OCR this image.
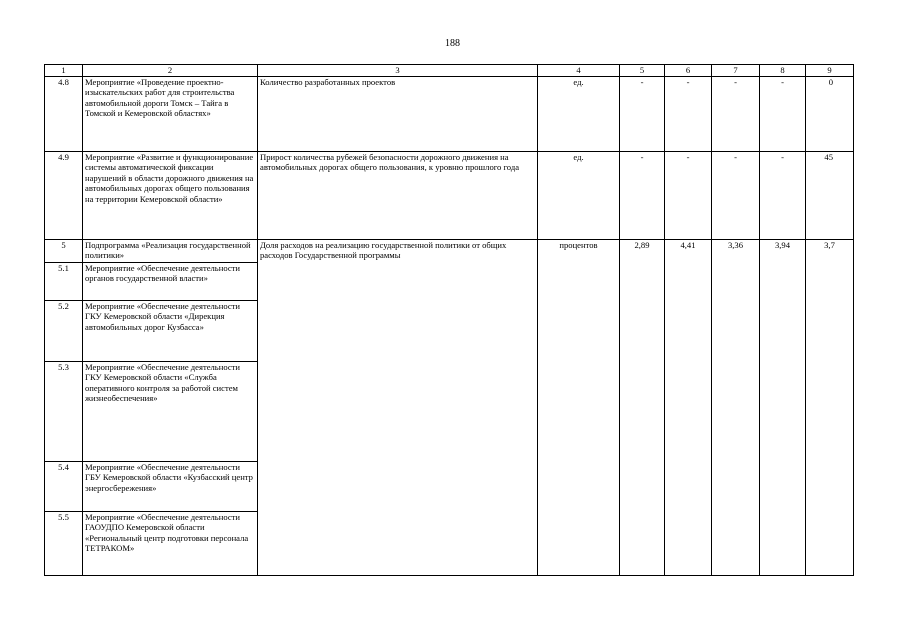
188
1	2	3	4	5	6	7	8	9
4.8	Мероприятие «Проведение проектно-изыскательских работ для строительства автомобильной дороги Томск – Тайга в Томской и Кемеровской областях»	Количество разработанных проектов	ед.	-	-	-	-	0
4.9	Мероприятие «Развитие и функционирование системы автоматической фиксации нарушений в области дорожного движения на автомобильных дорогах общего пользования на территории Кемеровской области»	Прирост количества рубежей безопасности дорожного движения на автомобильных дорогах общего пользования, к уровню прошлого года	ед.	-	-	-	-	45
5	Подпрограмма «Реализация государственной политики»	Доля расходов на реализацию государственной политики от общих расходов Государственной программы	процентов	2,89	4,41	3,36	3,94	3,7
5.1	Мероприятие «Обеспечение деятельности органов государственной власти»							
5.2	Мероприятие «Обеспечение деятельности ГКУ Кемеровской области «Дирекция автомобильных дорог Кузбасса»							
5.3	Мероприятие «Обеспечение деятельности ГКУ Кемеровской области «Служба оперативного контроля за работой систем жизнеобеспечения»							
5.4	Мероприятие «Обеспечение деятельности ГБУ Кемеровской области «Кузбасский центр энергосбережения»							
5.5	Мероприятие «Обеспечение деятельности ГАОУДПО Кемеровской области «Региональный центр подготовки персонала ТЕТРАКОМ»							
